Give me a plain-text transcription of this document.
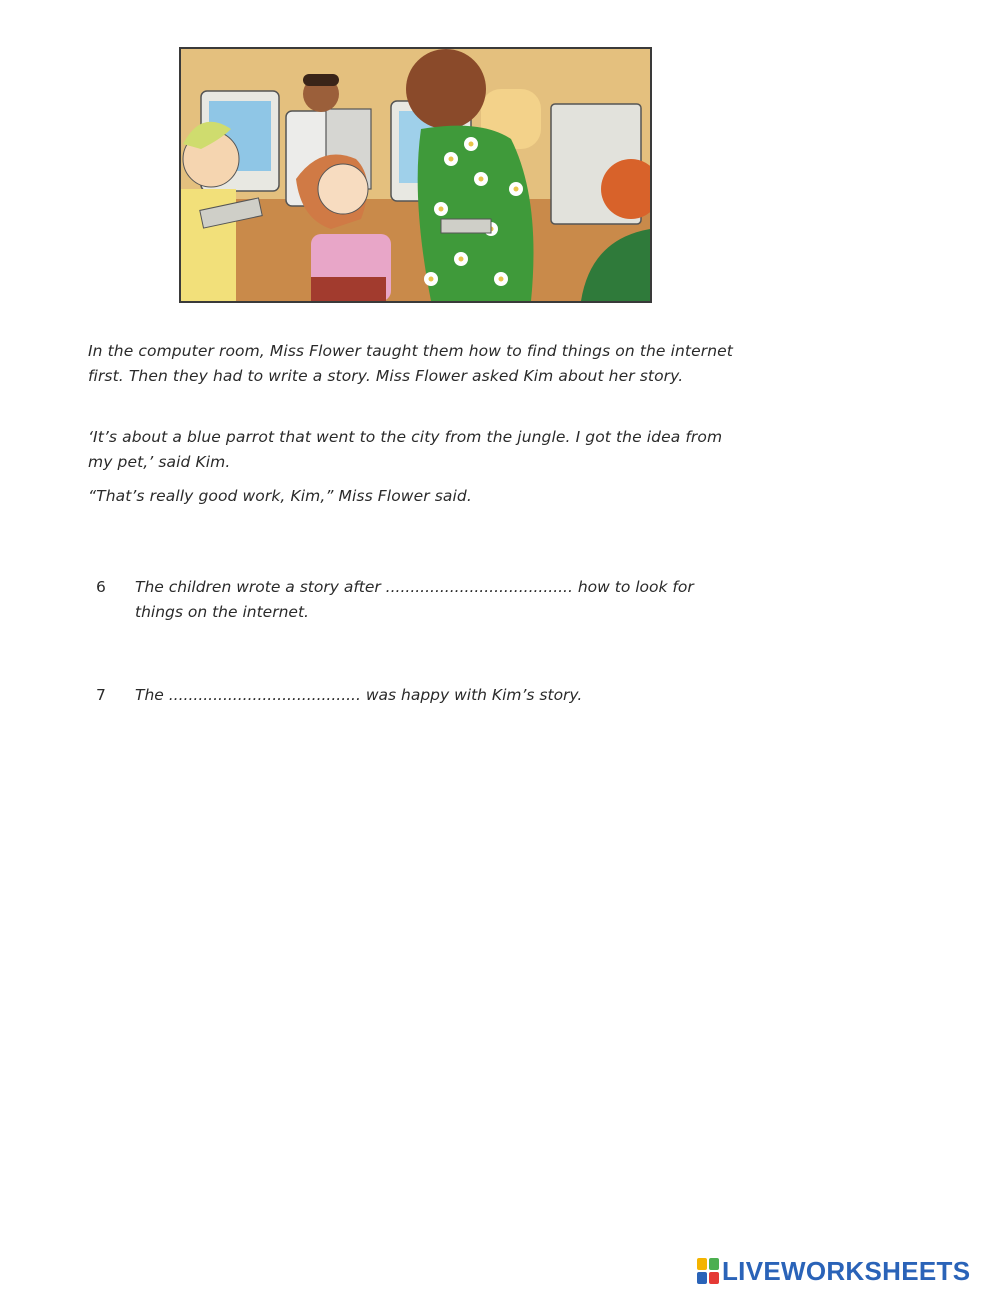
In the computer room, Miss Flower taught them how to find things on the internet first. Then they had to write a story. Miss Flower asked Kim about her story.

‘It’s about a blue parrot that went to the city from the jungle. I got the idea from my pet,’ said Kim.

“That’s really good work, Kim,” Miss Flower said.

6 The children wrote a story after ...................................... how to look for things on the internet.
7 The ....................................... was happy with Kim’s story.
LIVEWORKSHEETS
